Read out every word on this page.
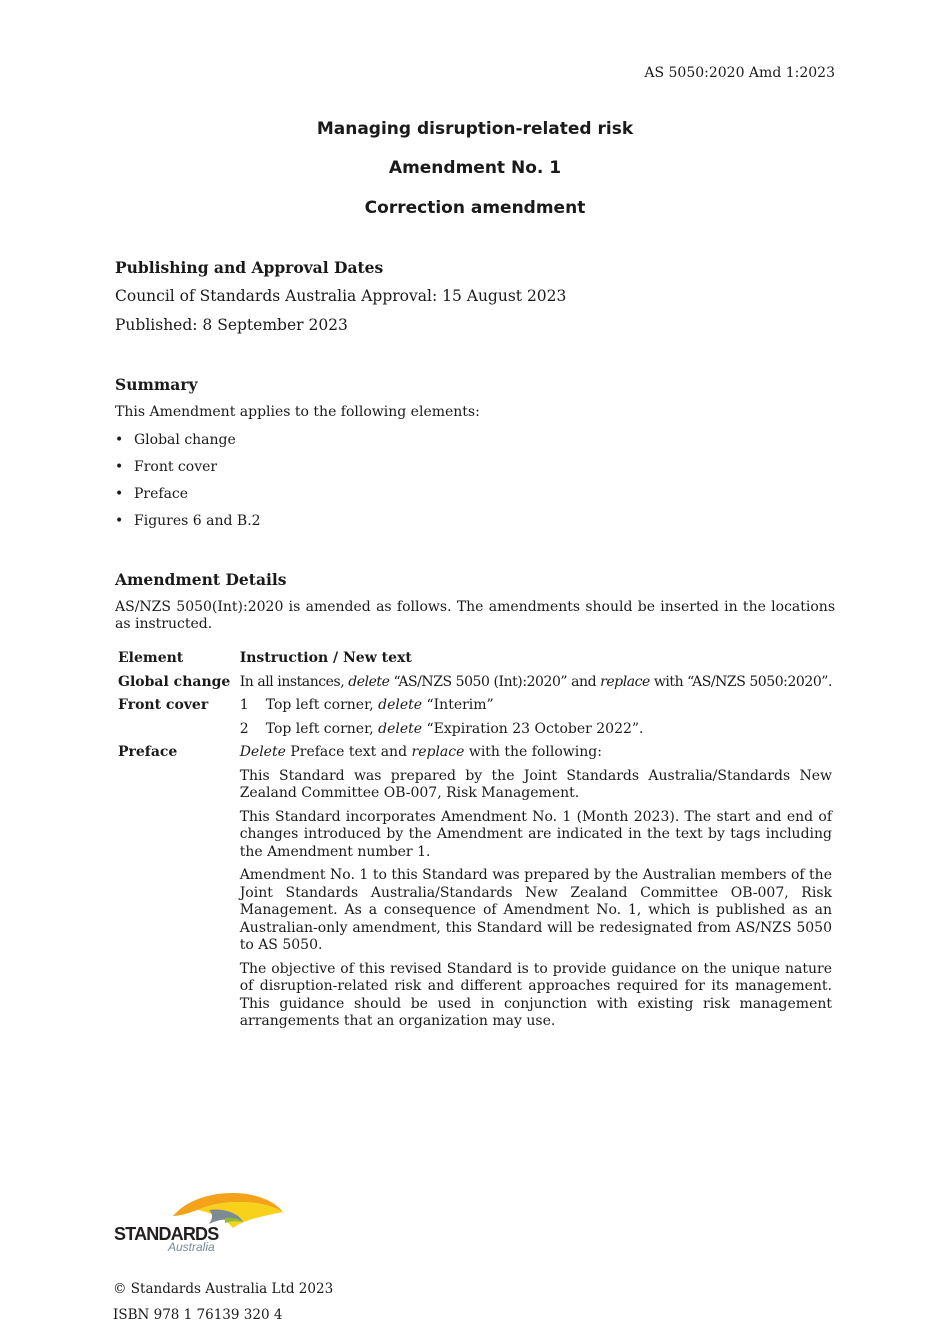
AS 5050:2020 Amd 1:2023
Managing disruption-related risk
Amendment No. 1
Correction amendment
Publishing and Approval Dates
Council of Standards Australia Approval: 15 August 2023
Published: 8 September 2023
Summary
This Amendment applies to the following elements:
• Global change
• Front cover
• Preface
• Figures 6 and B.2
Amendment Details
AS/NZS 5050(Int):2020 is amended as follows. The amendments should be inserted in the locations as instructed.
Element	Instruction / New text
Global change	In all instances, delete “AS/NZS 5050 (Int):2020” and replace with “AS/NZS 5050:2020”.
Front cover	1 Top left corner, delete “Interim”
	2 Top left corner, delete “Expiration 23 October 2022”.
Preface	Delete Preface text and replace with the following:

	This Standard was prepared by the Joint Standards Australia/Standards New Zealand Committee OB-007, Risk Management.

	This Standard incorporates Amendment No. 1 (Month 2023). The start and end of changes introduced by the Amendment are indicated in the text by tags including the Amendment number 1.

	Amendment No. 1 to this Standard was prepared by the Australian members of the Joint Standards Australia/Standards New Zealand Committee OB-007, Risk Management. As a consequence of Amendment No. 1, which is published as an Australian-only amendment, this Standard will be redesignated from AS/NZS 5050 to AS 5050.

	The objective of this revised Standard is to provide guidance on the unique nature of disruption-related risk and different approaches required for its management. This guidance should be used in conjunction with existing risk management arrangements that an organization may use.

STANDARDS
Australia
© Standards Australia Ltd 2023
ISBN 978 1 76139 320 4
